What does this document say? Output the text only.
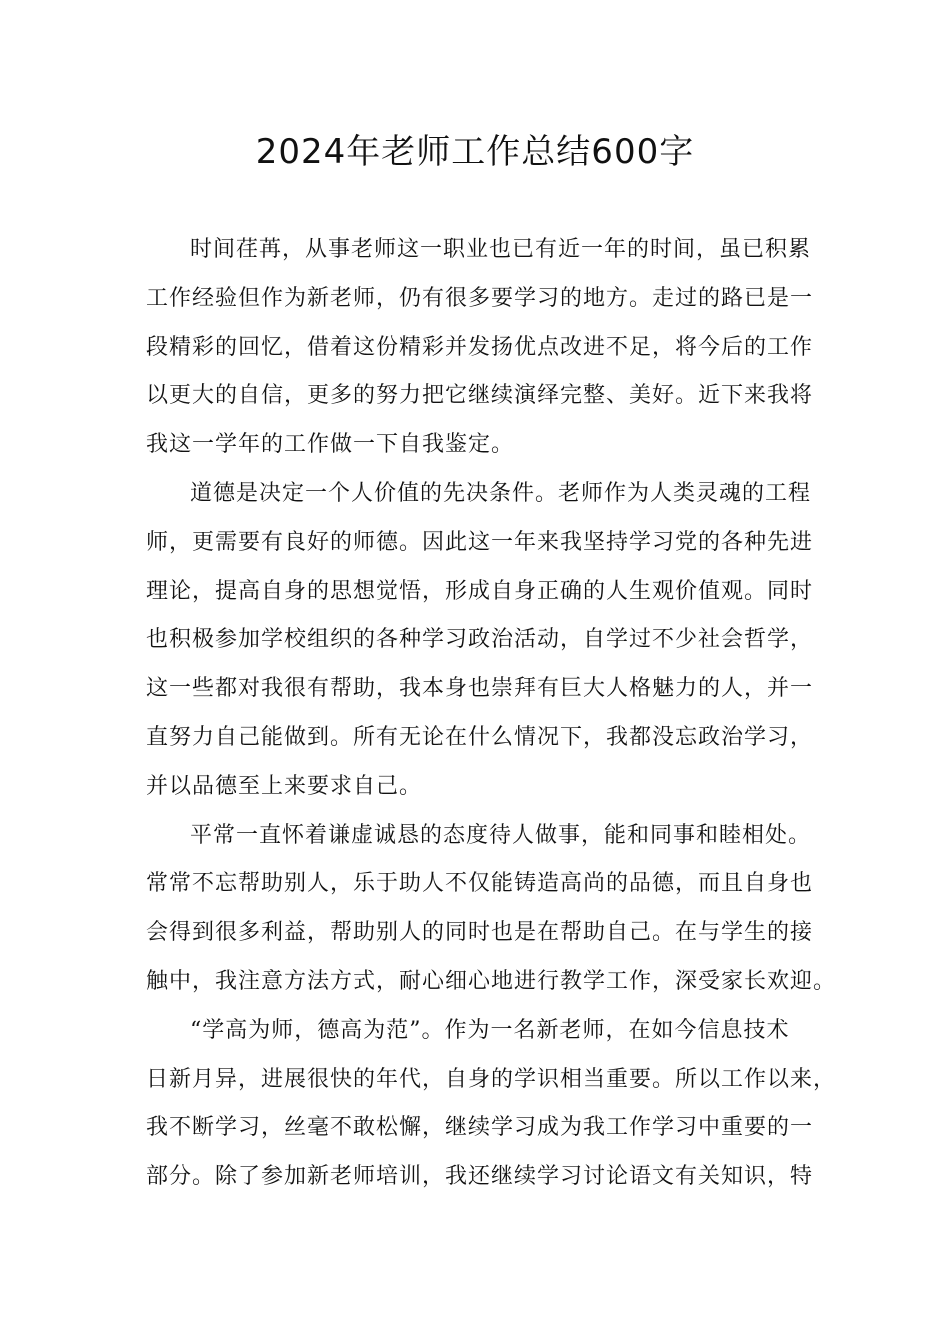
2024年老师工作总结600字

时间荏苒，从事老师这一职业也已有近一年的时间，虽已积累
工作经验但作为新老师，仍有很多要学习的地方。走过的路已是一
段精彩的回忆，借着这份精彩并发扬优点改进不足，将今后的工作
以更大的自信，更多的努力把它继续演绎完整、美好。近下来我将
我这一学年的工作做一下自我鉴定。

道德是决定一个人价值的先决条件。老师作为人类灵魂的工程
师，更需要有良好的师德。因此这一年来我坚持学习党的各种先进
理论，提高自身的思想觉悟，形成自身正确的人生观价值观。同时
也积极参加学校组织的各种学习政治活动，自学过不少社会哲学，
这一些都对我很有帮助，我本身也崇拜有巨大人格魅力的人，并一
直努力自己能做到。所有无论在什么情况下，我都没忘政治学习，
并以品德至上来要求自己。

平常一直怀着谦虚诚恳的态度待人做事，能和同事和睦相处。
常常不忘帮助别人，乐于助人不仅能铸造高尚的品德，而且自身也
会得到很多利益，帮助别人的同时也是在帮助自己。在与学生的接
触中，我注意方法方式，耐心细心地进行教学工作，深受家长欢迎。

“学高为师，德高为范”。作为一名新老师，在如今信息技术
日新月异，进展很快的年代，自身的学识相当重要。所以工作以来，
我不断学习，丝毫不敢松懈，继续学习成为我工作学习中重要的一
部分。除了参加新老师培训，我还继续学习讨论语文有关知识，特
